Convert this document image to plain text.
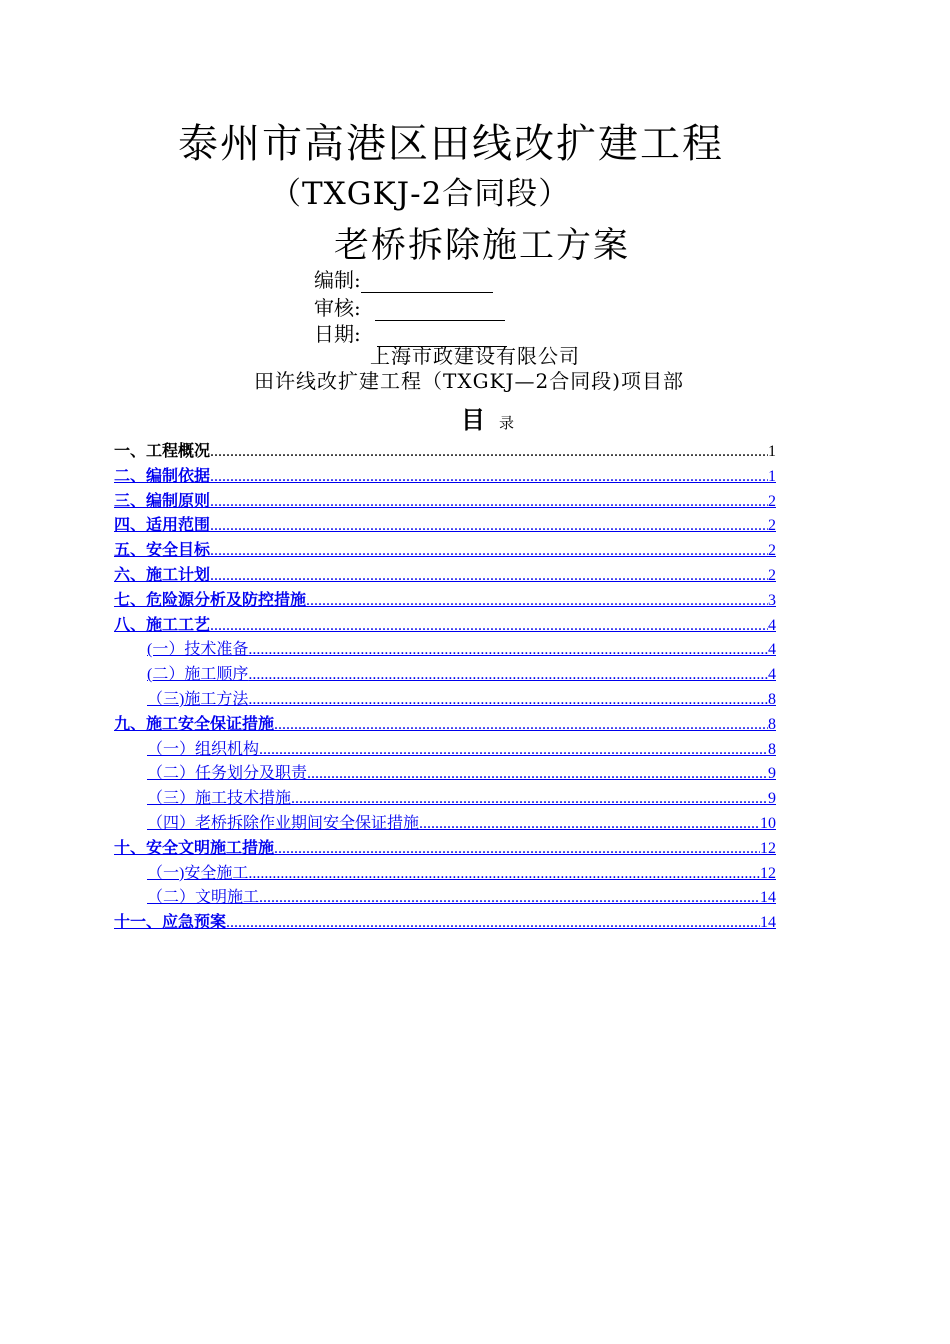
泰州市高港区田线改扩建工程
（TXGKJ-2合同段）
老桥拆除施工方案
编制:
审核:
日期:
上海市政建设有限公司
田许线改扩建工程（TXGKJ—2合同段)项目部
目录
一、工程概况 .....	1
二、编制依据 .....	1
三、编制原则 .....	2
四、适用范围 .....	2
五、安全目标 .....	2
六、施工计划 .....	2
七、危险源分析及防控措施 .....	3
八、施工工艺 .....	4
(一）技术准备 .....	4
(二）施工顺序 .....	4
（三)施工方法 .....	8
九、施工安全保证措施 .....	8
（一）组织机构 .....	8
（二）任务划分及职责 .....	9
（三）施工技术措施 .....	9
（四）老桥拆除作业期间安全保证措施 .....	10
十、安全文明施工措施 .....	12
（一)安全施工 .....	12
（二）文明施工 .....	14
十一、应急预案 .....	14
